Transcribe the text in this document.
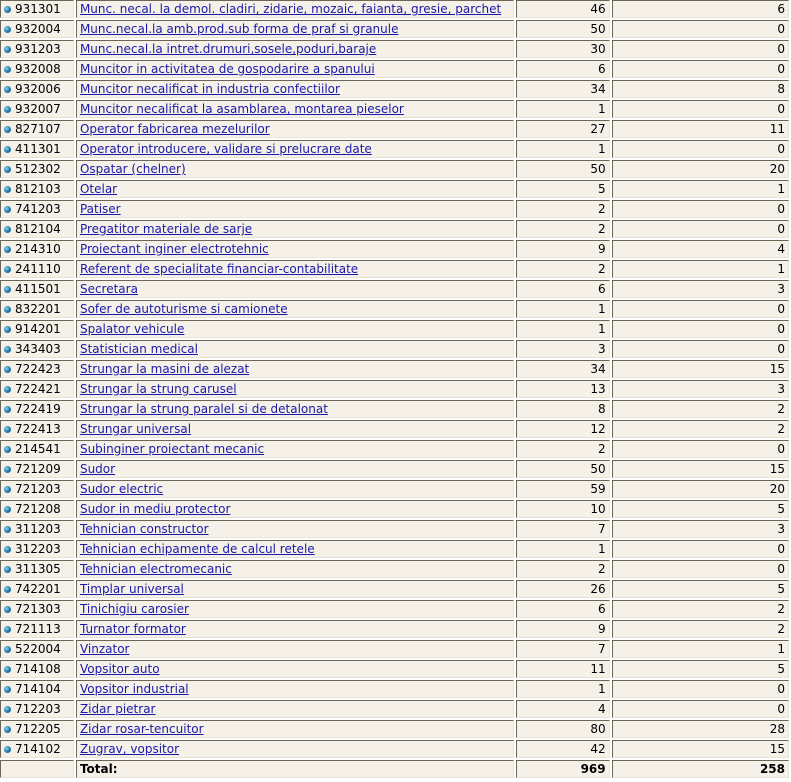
931301	Munc. necal. la demol. cladiri, zidarie, mozaic, faianta, gresie, parchet	46	6
932004	Munc.necal.la amb.prod.sub forma de praf si granule	50	0
931203	Munc.necal.la intret.drumuri,sosele,poduri,baraje	30	0
932008	Muncitor in activitatea de gospodarire a spanului	6	0
932006	Muncitor necalificat in industria confectiilor	34	8
932007	Muncitor necalificat la asamblarea, montarea pieselor	1	0
827107	Operator fabricarea mezelurilor	27	11
411301	Operator introducere, validare si prelucrare date	1	0
512302	Ospatar (chelner)	50	20
812103	Otelar	5	1
741203	Patiser	2	0
812104	Pregatitor materiale de sarje	2	0
214310	Proiectant inginer electrotehnic	9	4
241110	Referent de specialitate financiar-contabilitate	2	1
411501	Secretara	6	3
832201	Sofer de autoturisme si camionete	1	0
914201	Spalator vehicule	1	0
343403	Statistician medical	3	0
722423	Strungar la masini de alezat	34	15
722421	Strungar la strung carusel	13	3
722419	Strungar la strung paralel si de detalonat	8	2
722413	Strungar universal	12	2
214541	Subinginer proiectant mecanic	2	0
721209	Sudor	50	15
721203	Sudor electric	59	20
721208	Sudor in mediu protector	10	5
311203	Tehnician constructor	7	3
312203	Tehnician echipamente de calcul retele	1	0
311305	Tehnician electromecanic	2	0
742201	Timplar universal	26	5
721303	Tinichigiu carosier	6	2
721113	Turnator formator	9	2
522004	Vinzator	7	1
714108	Vopsitor auto	11	5
714104	Vopsitor industrial	1	0
712203	Zidar pietrar	4	0
712205	Zidar rosar-tencuitor	80	28
714102	Zugrav, vopsitor	42	15
	Total:	969	258
